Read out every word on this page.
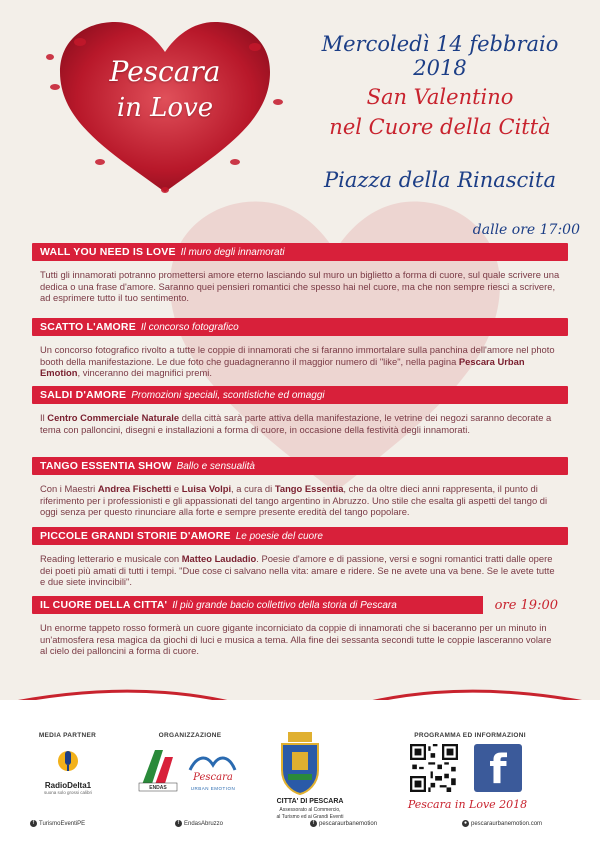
Pescara
in Love
Mercoledì 14 febbraio 2018
San Valentino
nel Cuore della Città
Piazza della Rinascita
dalle ore 17:00
WALL YOU NEED IS LOVE Il muro degli innamorati
Tutti gli innamorati potranno promettersi amore eterno lasciando sul muro un biglietto a forma di cuore, sul quale scrivere una dedica o una frase d'amore. Saranno quei pensieri romantici che spesso hai nel cuore, ma che non sempre riesci a scrivere, ad esprimere tutto il tuo sentimento.
SCATTO L'AMORE Il concorso fotografico
Un concorso fotografico rivolto a tutte le coppie di innamorati che si faranno immortalare sulla panchina dell'amore nel photo booth della manifestazione. Le due foto che guadagneranno il maggior numero di "like", nella pagina Pescara Urban Emotion, vinceranno dei magnifici premi.
SALDI D'AMORE Promozioni speciali, scontistiche ed omaggi
Il Centro Commerciale Naturale della città sarà parte attiva della manifestazione, le vetrine dei negozi saranno decorate a tema con palloncini, disegni e installazioni a forma di cuore, in occasione della festività degli innamorati.
TANGO ESSENTIA SHOW Ballo e sensualità
Con i Maestri Andrea Fischetti e Luisa Volpi, a cura di Tango Essentia, che da oltre dieci anni rappresenta, il punto di riferimento per i professionisti e gli appassionati del tango argentino in Abruzzo. Uno stile che esalta gli aspetti del tango di oggi senza per questo rinunciare alla forte e sempre presente eredità del tango popolare.
PICCOLE GRANDI STORIE D'AMORE Le poesie del cuore
Reading letterario e musicale con Matteo Laudadio. Poesie d'amore e di passione, versi e sogni romantici tratti dalle opere dei poeti più amati di tutti i tempi. "Due cose ci salvano nella vita: amare e ridere. Se ne avete una va bene. Se le avete tutte e due siete invincibili".
IL CUORE DELLA CITTA' Il più grande bacio collettivo della storia di Pescara	ore 19:00
Un enorme tappeto rosso formerà un cuore gigante incorniciato da coppie di innamorati che si baceranno per un minuto in un'atmosfera resa magica da giochi di luci e musica a tema. Alla fine dei sessanta secondi tutte le coppie lasceranno volare al cielo dei palloncini a forma di cuore.
MEDIA PARTNER	ORGANIZZAZIONE	PROGRAMMA ED INFORMAZIONI
RadioDelta1
suona solo grossi calibri
ENDAS
Pescara
URBAN EMOTION
CITTA' DI PESCARA
Assessorato al Commercio,
al Turismo ed ai Grandi Eventi
f
Pescara in Love 2018
f TurismoEventiPE	f EndasAbruzzo	f pescaraurbanemotion	● pescaraurbanemotion.com
